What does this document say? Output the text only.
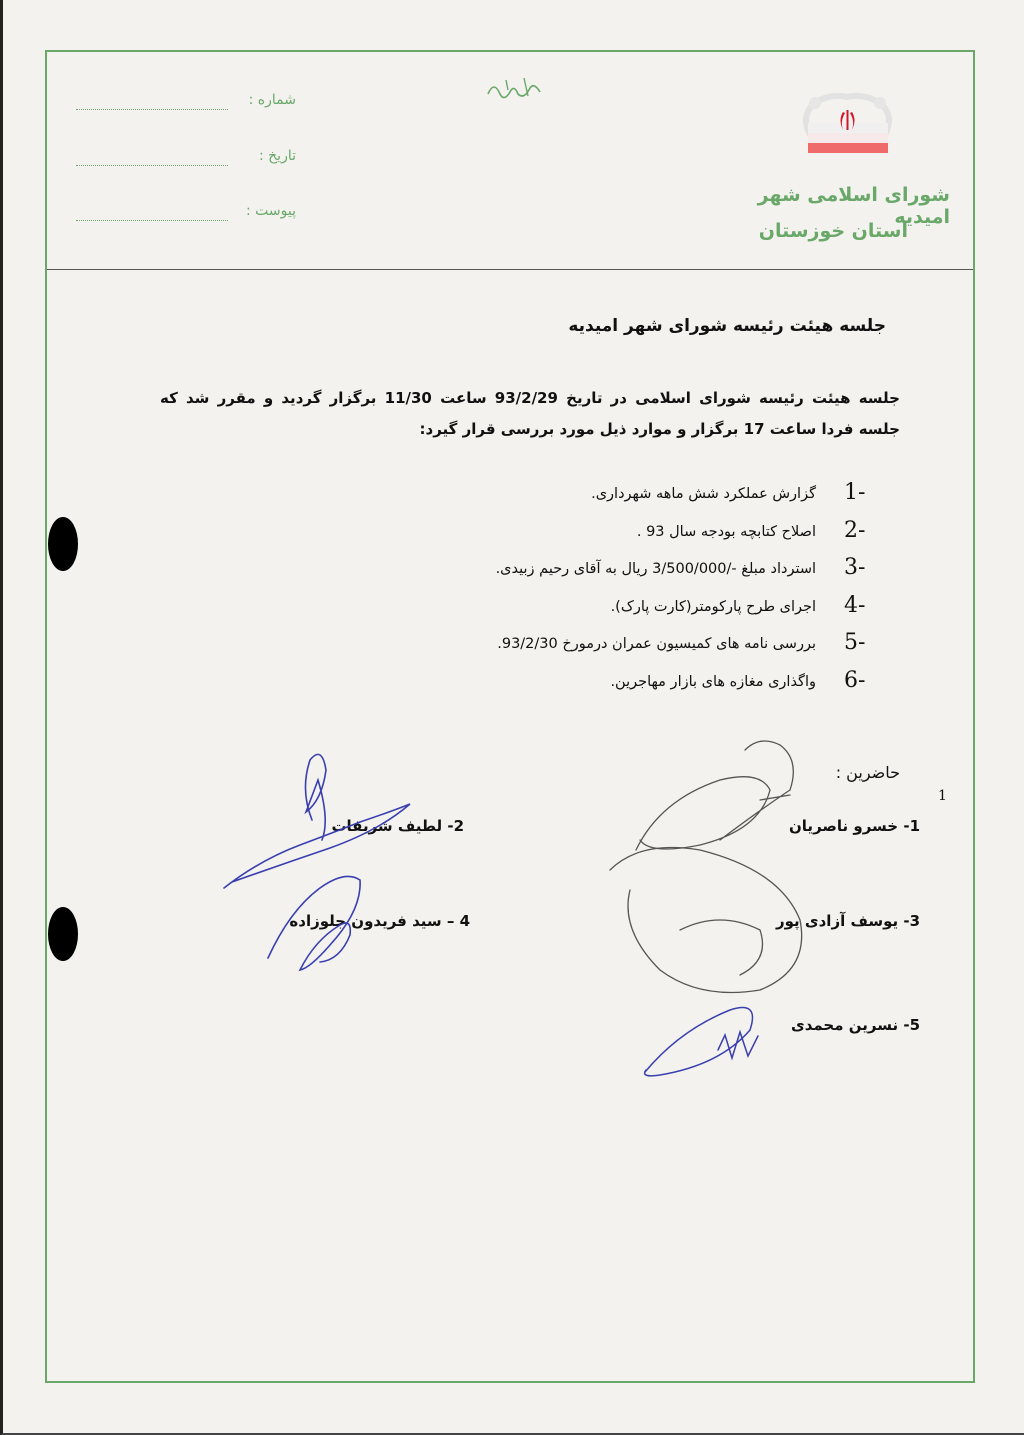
شماره :
تاریخ :
پیوست :
شورای اسلامی شهر امیدیه
استان خوزستان
جلسه هیئت رئیسه شورای شهر امیدیه
جلسه هیئت رئیسه شورای اسلامی در تاریخ 93/2/29 ساعت 11/30 برگزار گردید و مقرر شد که جلسه فردا ساعت 17 برگزار و موارد ذیل مورد بررسی قرار گیرد:
1-
گزارش عملکرد شش ماهه شهرداری.
2-
اصلاح کتابچه بودجه سال 93 .
3-
استرداد مبلغ -/3/500/000 ریال به آقای رحیم زبیدی.
4-
اجرای طرح پارکومتر(کارت پارک).
5-
بررسی نامه های کمیسیون عمران درمورخ 93/2/30.
6-
واگذاری مغازه های بازار مهاجرین.
حاضرین :
1
1- خسرو ناصریان
2- لطیف شریفات
3- یوسف آزادی پور
4 – سید فریدون جلوزاده
5- نسرین محمدی
